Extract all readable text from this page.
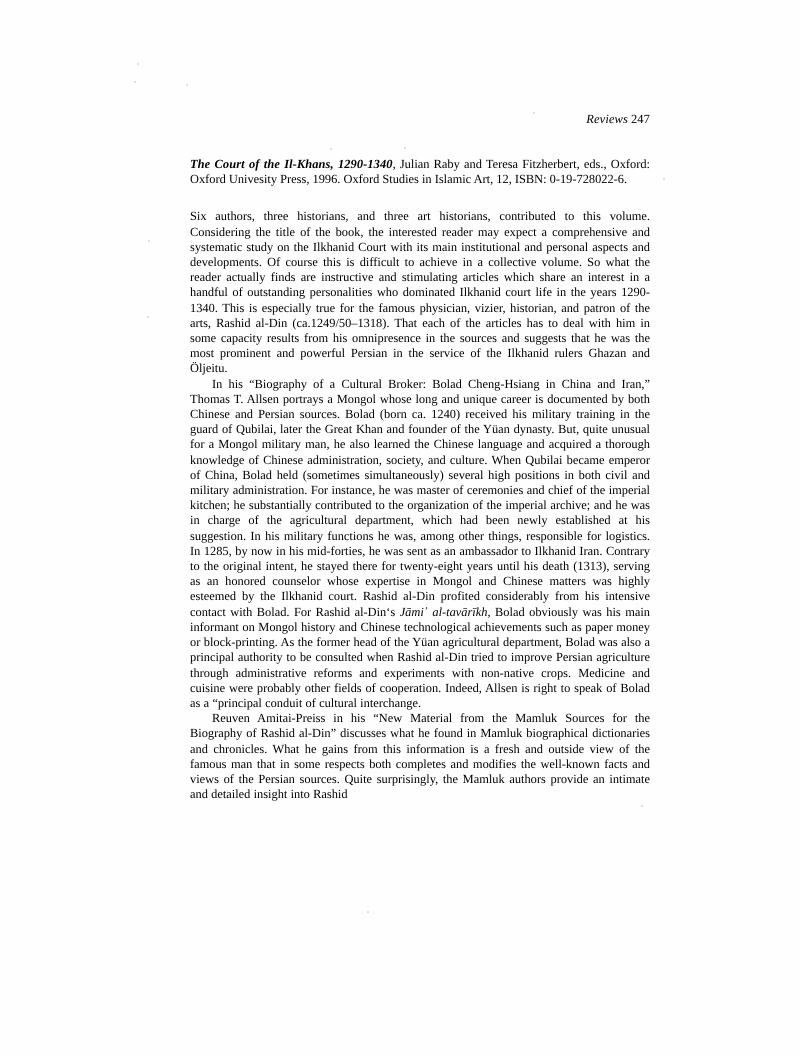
Reviews 247

The Court of the Il-Khans, 1290-1340, Julian Raby and Teresa Fitzherbert, eds., Oxford: Oxford Univesity Press, 1996. Oxford Studies in Islamic Art, 12, ISBN: 0-19-728022-6.

Six authors, three historians, and three art historians, contributed to this volume. Considering the title of the book, the interested reader may expect a comprehensive and systematic study on the Ilkhanid Court with its main institutional and personal aspects and developments. Of course this is difficult to achieve in a collective volume. So what the reader actually finds are instructive and stimulating articles which share an interest in a handful of outstanding personalities who dominated Ilkhanid court life in the years 1290-1340. This is especially true for the famous physician, vizier, historian, and patron of the arts, Rashid al-Din (ca.1249/50–1318). That each of the articles has to deal with him in some capacity results from his omnipresence in the sources and suggests that he was the most prominent and powerful Persian in the service of the Ilkhanid rulers Ghazan and Öljeitu.

In his “Biography of a Cultural Broker: Bolad Cheng-Hsiang in China and Iran,” Thomas T. Allsen portrays a Mongol whose long and unique career is documented by both Chinese and Persian sources. Bolad (born ca. 1240) received his military training in the guard of Qubilai, later the Great Khan and founder of the Yüan dynasty. But, quite unusual for a Mongol military man, he also learned the Chinese language and acquired a thorough knowledge of Chinese administration, society, and culture. When Qubilai became emperor of China, Bolad held (sometimes simultaneously) several high positions in both civil and military administration. For instance, he was master of ceremonies and chief of the imperial kitchen; he substantially contributed to the organization of the imperial archive; and he was in charge of the agricultural department, which had been newly established at his suggestion. In his military functions he was, among other things, responsible for logistics. In 1285, by now in his mid-forties, he was sent as an ambassador to Ilkhanid Iran. Contrary to the original intent, he stayed there for twenty-eight years until his death (1313), serving as an honored counselor whose expertise in Mongol and Chinese matters was highly esteemed by the Ilkhanid court. Rashid al-Din profited considerably from his intensive contact with Bolad. For Rashid al-Din‘s Jāmi᾿ al-tavārīkh, Bolad obviously was his main informant on Mongol history and Chinese technological achievements such as paper money or block-printing. As the former head of the Yüan agricultural department, Bolad was also a principal authority to be consulted when Rashid al-Din tried to improve Persian agriculture through administrative reforms and experiments with non-native crops. Medicine and cuisine were probably other fields of cooperation. Indeed, Allsen is right to speak of Bolad as a “principal conduit of cultural interchange.

Reuven Amitai-Preiss in his “New Material from the Mamluk Sources for the Biography of Rashid al-Din” discusses what he found in Mamluk biographical dictionaries and chronicles. What he gains from this information is a fresh and outside view of the famous man that in some respects both completes and modifies the well-known facts and views of the Persian sources. Quite surprisingly, the Mamluk authors provide an intimate and detailed insight into Rashid
